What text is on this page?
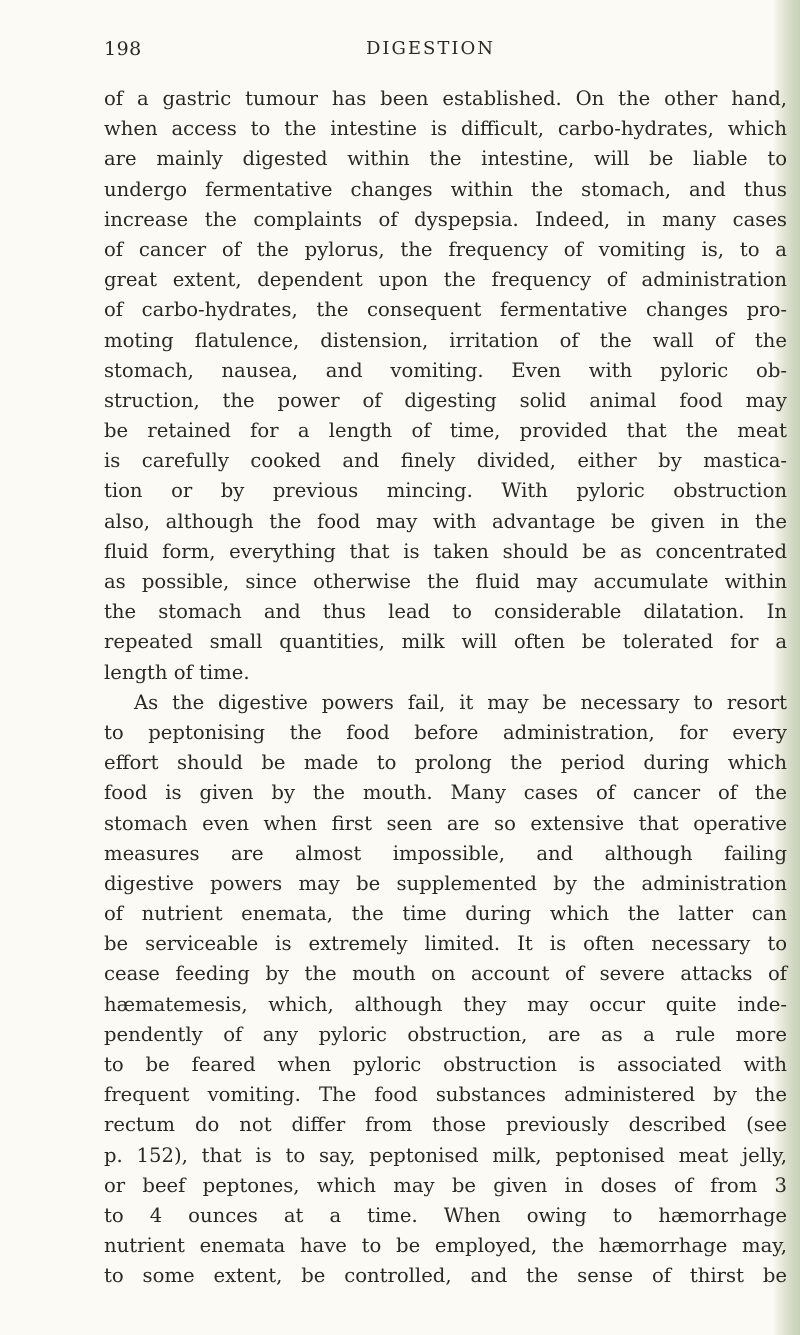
198	DIGESTION
of a gastric tumour has been established. On the other hand,
when access to the intestine is difficult, carbo-hydrates, which
are mainly digested within the intestine, will be liable to
undergo fermentative changes within the stomach, and thus
increase the complaints of dyspepsia. Indeed, in many cases
of cancer of the pylorus, the frequency of vomiting is, to a
great extent, dependent upon the frequency of administration
of carbo-hydrates, the consequent fermentative changes pro-
moting flatulence, distension, irritation of the wall of the
stomach, nausea, and vomiting. Even with pyloric ob-
struction, the power of digesting solid animal food may
be retained for a length of time, provided that the meat
is carefully cooked and finely divided, either by mastica-
tion or by previous mincing. With pyloric obstruction
also, although the food may with advantage be given in the
fluid form, everything that is taken should be as concentrated
as possible, since otherwise the fluid may accumulate within
the stomach and thus lead to considerable dilatation. In
repeated small quantities, milk will often be tolerated for a
length of time.
As the digestive powers fail, it may be necessary to resort
to peptonising the food before administration, for every
effort should be made to prolong the period during which
food is given by the mouth. Many cases of cancer of the
stomach even when first seen are so extensive that operative
measures are almost impossible, and although failing
digestive powers may be supplemented by the administration
of nutrient enemata, the time during which the latter can
be serviceable is extremely limited. It is often necessary to
cease feeding by the mouth on account of severe attacks of
hæmatemesis, which, although they may occur quite inde-
pendently of any pyloric obstruction, are as a rule more
to be feared when pyloric obstruction is associated with
frequent vomiting. The food substances administered by the
rectum do not differ from those previously described (see
p. 152), that is to say, peptonised milk, peptonised meat jelly,
or beef peptones, which may be given in doses of from 3
to 4 ounces at a time. When owing to hæmorrhage
nutrient enemata have to be employed, the hæmorrhage may,
to some extent, be controlled, and the sense of thirst be
